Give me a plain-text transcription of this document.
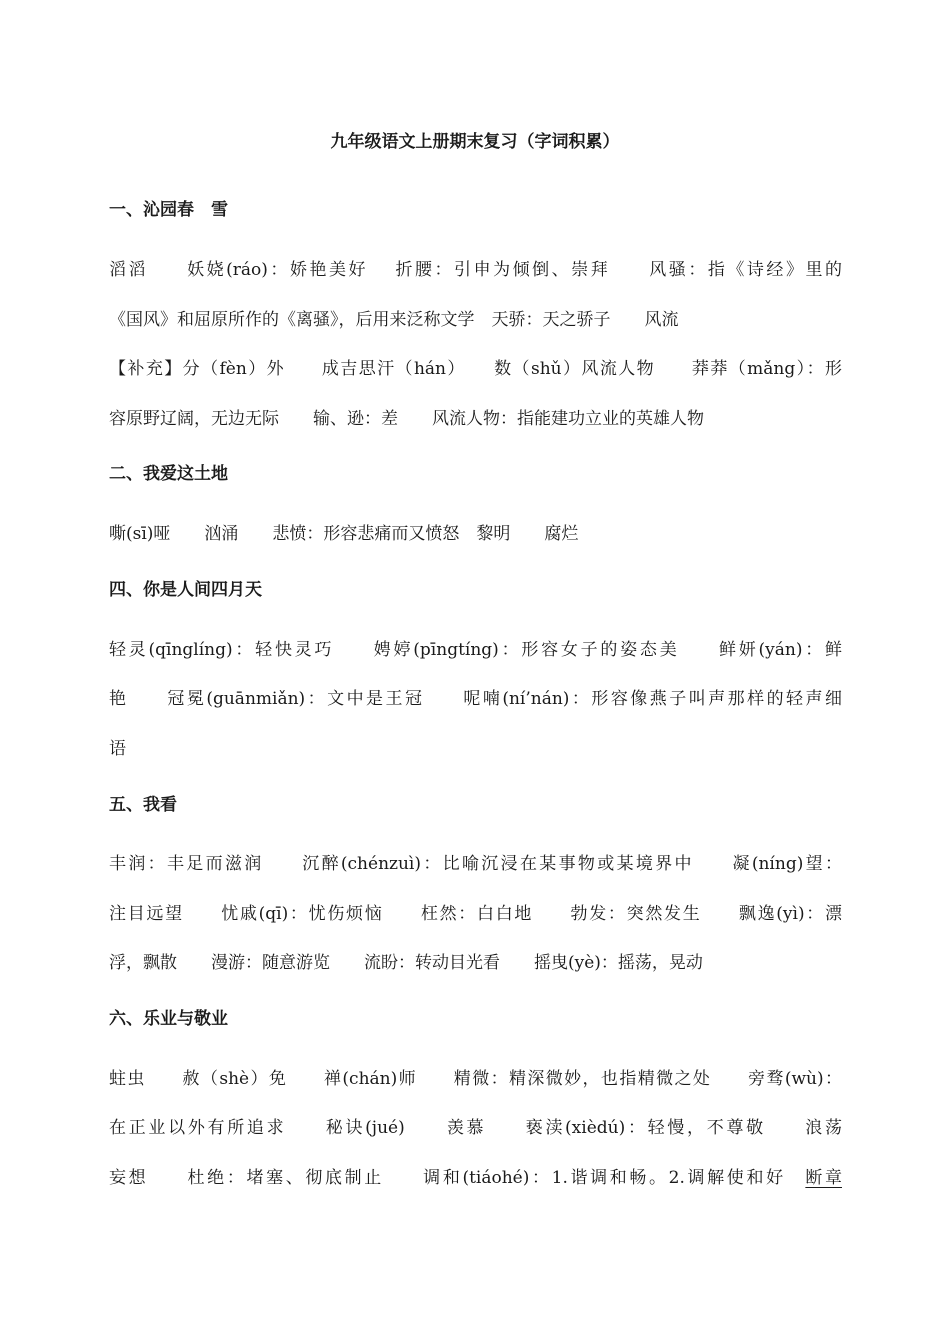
九年级语文上册期末复习（字词积累）
一、沁园春　雪
滔滔　　妖娆(ráo)：娇艳美好　 折腰：引申为倾倒、崇拜　　风骚：指《诗经》里的
《国风》和屈原所作的《离骚》，后用来泛称文学　天骄：天之骄子　　风流
【补充】分（fèn）外　　成吉思汗（hán）　　数（shǔ）风流人物　　莽莽（mǎng）：形
容原野辽阔，无边无际　　输、逊：差　　风流人物：指能建功立业的英雄人物
二、我爱这土地
嘶(sī)哑　　汹涌　　悲愤：形容悲痛而又愤怒　黎明　　腐烂
四、你是人间四月天
轻灵(qīnglíng)：轻快灵巧　　娉婷(pīngtíng)：形容女子的姿态美　　鲜妍(yán)：鲜
艳　　冠冕(guānmiǎn)：文中是王冠　　呢喃(ní’nán)：形容像燕子叫声那样的轻声细
语
五、我看
丰润：丰足而滋润　　沉醉(chénzuì)：比喻沉浸在某事物或某境界中　　凝(níng)望：
注目远望　　忧戚(qī)：忧伤烦恼　　枉然：白白地　　勃发：突然发生　　飘逸(yì)：漂
浮，飘散　　漫游：随意游览　　流盼：转动目光看　　摇曳(yè)：摇荡，晃动
六、乐业与敬业
蛀虫　　赦（shè）免　　禅(chán)师　　精微：精深微妙，也指精微之处　　旁骛(wù)：
在正业以外有所追求　　秘诀(jué)　　羡慕　　亵渎(xièdú)：轻慢，不尊敬　　浪荡
妄想　　杜绝：堵塞、彻底制止　　调和(tiáohé)：1.谐调和畅。2.调解使和好　断章
